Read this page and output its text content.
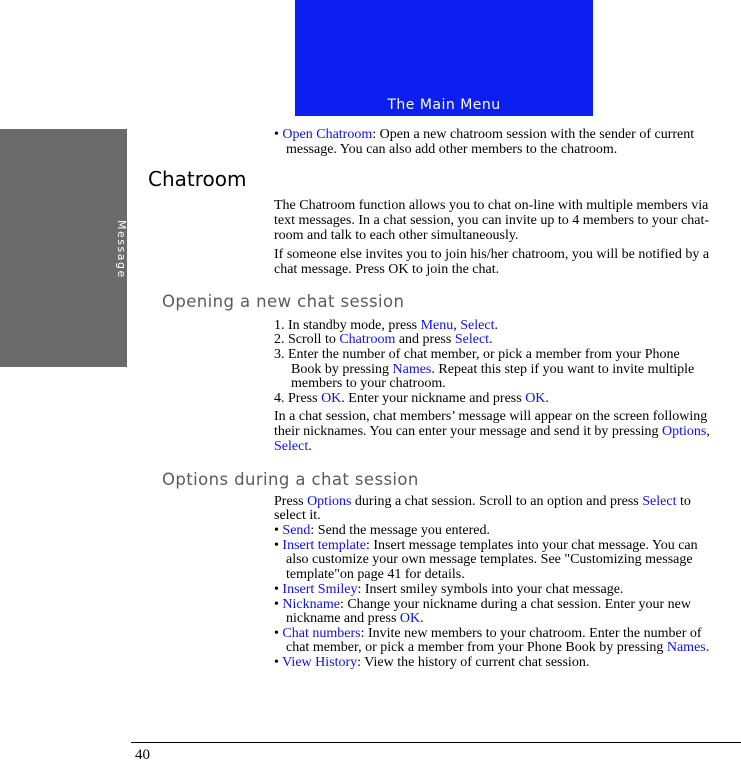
The Main Menu
Message
• Open Chatroom: Open a new chatroom session with the sender of current
message. You can also add other members to the chatroom.
Chatroom
The Chatroom function allows you to chat on-line with multiple members via
text messages. In a chat session, you can invite up to 4 members to your chat-
room and talk to each other simultaneously.
If someone else invites you to join his/her chatroom, you will be notified by a
chat message. Press OK to join the chat.
Opening a new chat session
1. In standby mode, press Menu, Select.
2. Scroll to Chatroom and press Select.
3. Enter the number of chat member, or pick a member from your Phone
Book by pressing Names. Repeat this step if you want to invite multiple
members to your chatroom.
4. Press OK. Enter your nickname and press OK.
In a chat session, chat members’ message will appear on the screen following
their nicknames. You can enter your message and send it by pressing Options,
Select.
Options during a chat session
Press Options during a chat session. Scroll to an option and press Select to
select it.
• Send: Send the message you entered.
• Insert template: Insert message templates into your chat message. You can
also customize your own message templates. See "Customizing message
template"on page 41 for details.
• Insert Smiley: Insert smiley symbols into your chat message.
• Nickname: Change your nickname during a chat session. Enter your new
nickname and press OK.
• Chat numbers: Invite new members to your chatroom. Enter the number of
chat member, or pick a member from your Phone Book by pressing Names.
• View History: View the history of current chat session.
40
